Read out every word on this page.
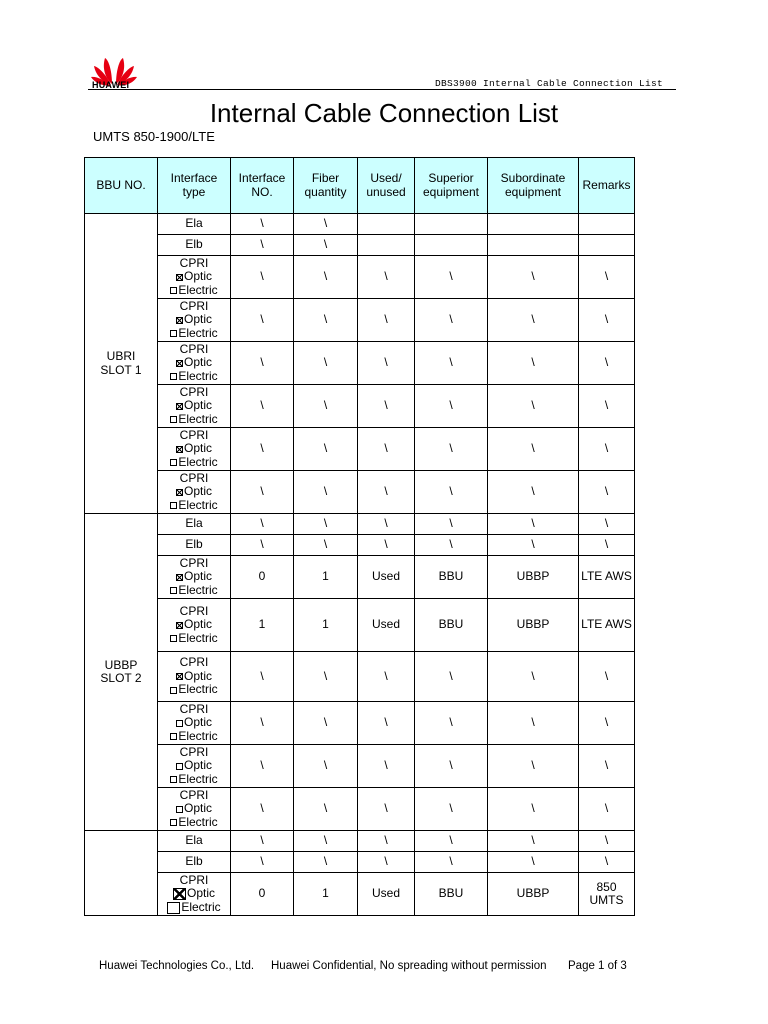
HUAWEI	DBS3900 Internal Cable Connection List
Internal Cable Connection List
UMTS 850-1900/LTE
BBU NO.	Interface type	Interface NO.	Fiber quantity	Used/ unused	Superior equipment	Subordinate equipment	Remarks
UBRI SLOT 1	Ela	\	\				
	Elb	\	\				

	CPRI
Optic
Electric	\	\	\	\	\	\

	CPRI
Optic
Electric	\	\	\	\	\	\

	CPRI
Optic
Electric	\	\	\	\	\	\

	CPRI
Optic
Electric	\	\	\	\	\	\

	CPRI
Optic
Electric	\	\	\	\	\	\

	CPRI
Optic
Electric	\	\	\	\	\	\
UBBP SLOT 2	Ela	\	\	\	\	\	\
	Elb	\	\	\	\	\	\

	CPRI
Optic
Electric	0	1	Used	BBU	UBBP	LTE AWS

	CPRI
Optic
Electric	1	1	Used	BBU	UBBP	LTE AWS

	CPRI
Optic
Electric	\	\	\	\	\	\

	CPRI
Optic
Electric	\	\	\	\	\	\

	CPRI
Optic
Electric	\	\	\	\	\	\

	CPRI
Optic
Electric	\	\	\	\	\	\
	Ela	\	\	\	\	\	\
	Elb	\	\	\	\	\	\

	CPRI
Optic
Electric	0	1	Used	BBU	UBBP	850 UMTS
Huawei Technologies Co., Ltd. Huawei Confidential, No spreading without permission Page 1 of 3
